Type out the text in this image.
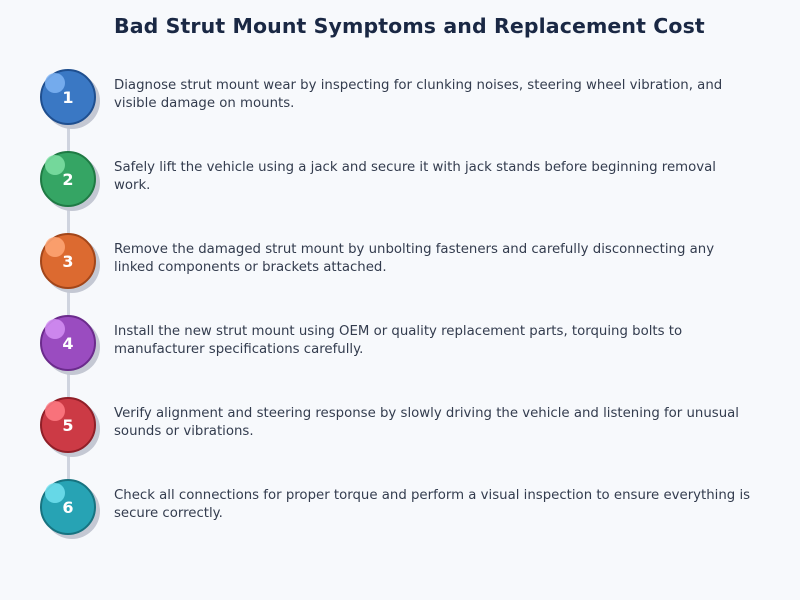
Bad Strut Mount Symptoms and Replacement Cost
1
Diagnose strut mount wear by inspecting for clunking noises, steering wheel vibration, and visible damage on mounts.
2
Safely lift the vehicle using a jack and secure it with jack stands before beginning removal work.
3
Remove the damaged strut mount by unbolting fasteners and carefully disconnecting any linked components or brackets attached.
4
Install the new strut mount using OEM or quality replacement parts, torquing bolts to manufacturer specifications carefully.
5
Verify alignment and steering response by slowly driving the vehicle and listening for unusual sounds or vibrations.
6
Check all connections for proper torque and perform a visual inspection to ensure everything is secure correctly.
